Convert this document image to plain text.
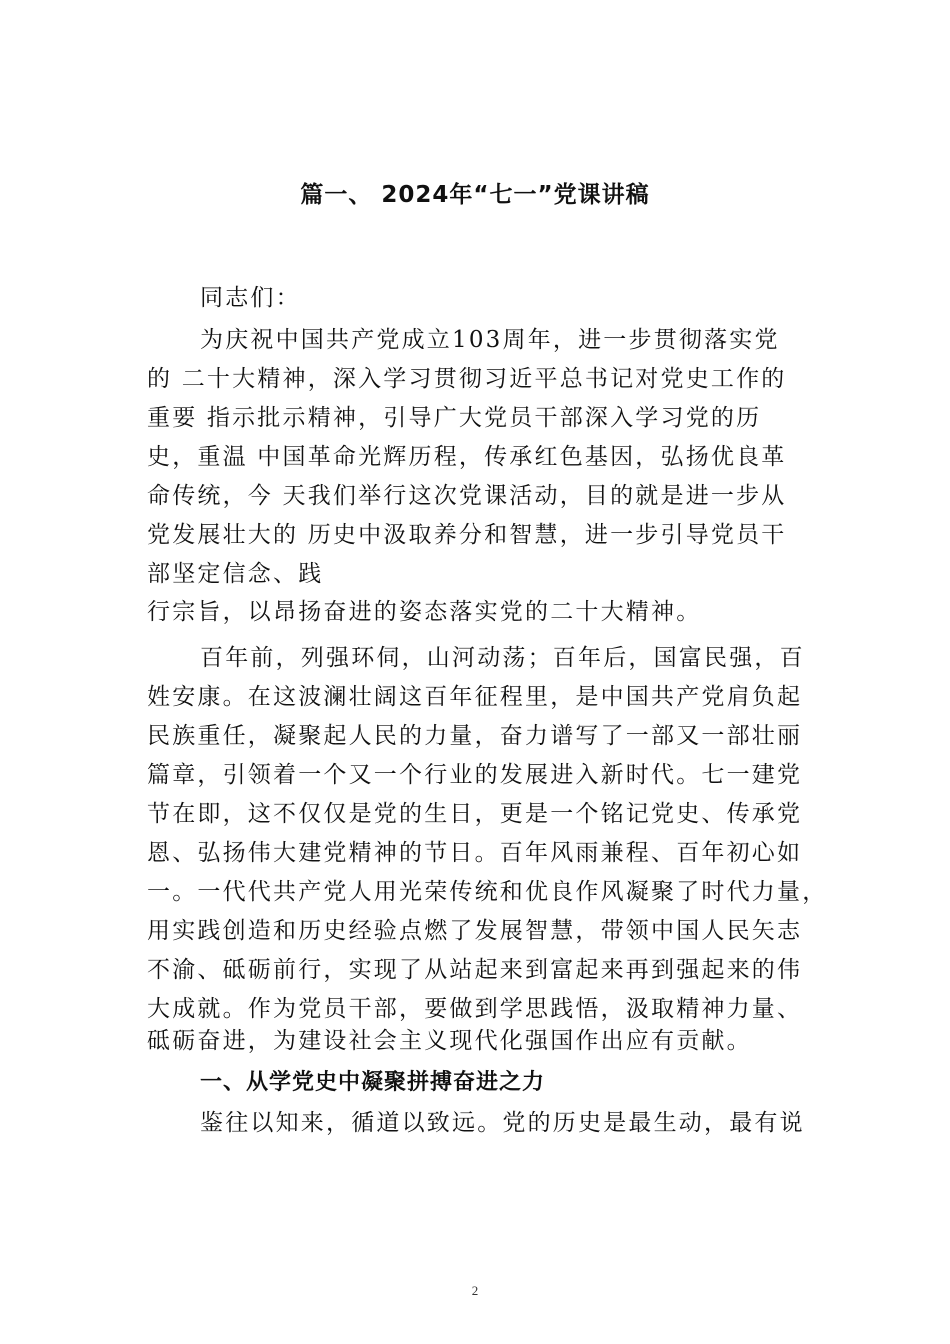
篇一、 2024年“七一”党课讲稿
同志们：
为庆祝中国共产党成立103周年，进一步贯彻落实党
的 二十大精神，深入学习贯彻习近平总书记对党史工作的
重要 指示批示精神，引导广大党员干部深入学习党的历
史，重温 中国革命光辉历程，传承红色基因，弘扬优良革
命传统，今 天我们举行这次党课活动，目的就是进一步从
党发展壮大的 历史中汲取养分和智慧，进一步引导党员干
部坚定信念、践
行宗旨，以昂扬奋进的姿态落实党的二十大精神。
百年前，列强环伺，山河动荡；百年后，国富民强，百
姓安康。在这波澜壮阔这百年征程里，是中国共产党肩负起
民族重任，凝聚起人民的力量，奋力谱写了一部又一部壮丽
篇章，引领着一个又一个行业的发展进入新时代。七一建党
节在即，这不仅仅是党的生日，更是一个铭记党史、传承党
恩、弘扬伟大建党精神的节日。百年风雨兼程、百年初心如
一。一代代共产党人用光荣传统和优良作风凝聚了时代力量，
用实践创造和历史经验点燃了发展智慧，带领中国人民矢志
不渝、砥砺前行，实现了从站起来到富起来再到强起来的伟
大成就。作为党员干部，要做到学思践悟，汲取精神力量、
砥砺奋进，为建设社会主义现代化强国作出应有贡献。
一、从学党史中凝聚拼搏奋进之力
鉴往以知来，循道以致远。党的历史是最生动，最有说
2
